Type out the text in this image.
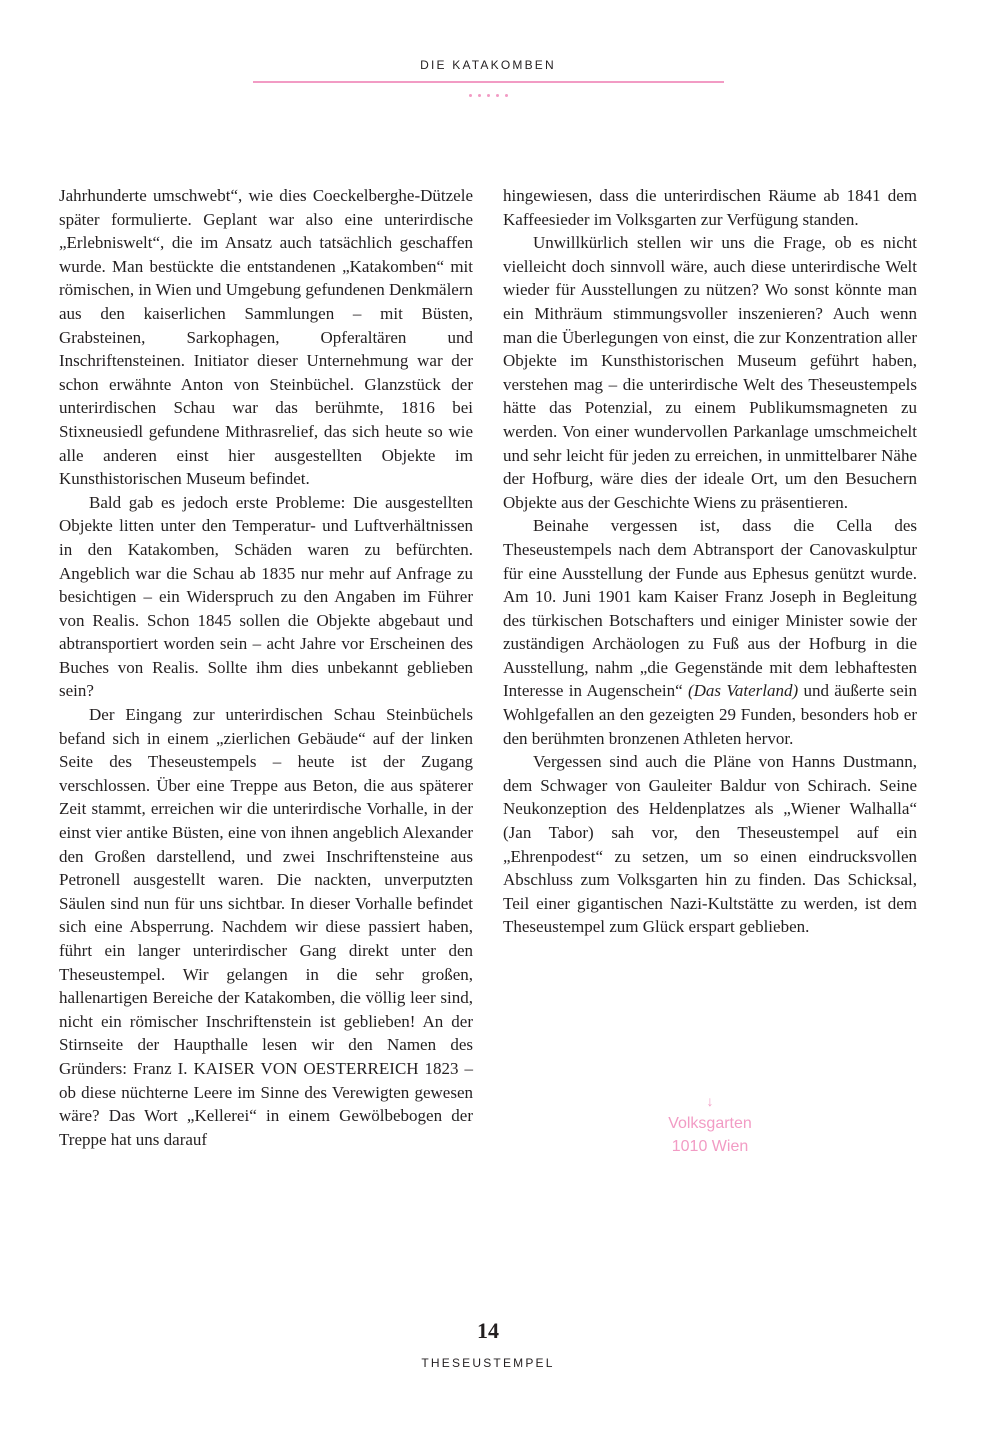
DIE KATAKOMBEN

Jahrhunderte umschwebt“, wie dies Coeckelberghe-Dützele später formulierte. Geplant war also eine unterirdische „Erlebniswelt“, die im Ansatz auch tatsächlich geschaffen wurde. Man bestückte die entstandenen „Katakomben“ mit römischen, in Wien und Umgebung gefundenen Denkmälern aus den kaiserlichen Sammlungen – mit Büsten, Grabsteinen, Sarkophagen, Opferaltären und Inschriftensteinen. Initiator dieser Unternehmung war der schon erwähnte Anton von Steinbüchel. Glanzstück der unterirdischen Schau war das berühmte, 1816 bei Stixneusiedl gefundene Mithrasrelief, das sich heute so wie alle anderen einst hier ausgestellten Objekte im Kunsthistorischen Museum befindet.

Bald gab es jedoch erste Probleme: Die ausgestellten Objekte litten unter den Temperatur- und Luftverhältnissen in den Katakomben, Schäden waren zu befürchten. Angeblich war die Schau ab 1835 nur mehr auf Anfrage zu besichtigen – ein Widerspruch zu den Angaben im Führer von Realis. Schon 1845 sollen die Objekte abgebaut und abtransportiert worden sein – acht Jahre vor Erscheinen des Buches von Realis. Sollte ihm dies unbekannt geblieben sein?

Der Eingang zur unterirdischen Schau Steinbüchels befand sich in einem „zierlichen Gebäude“ auf der linken Seite des Theseustempels – heute ist der Zugang verschlossen. Über eine Treppe aus Beton, die aus späterer Zeit stammt, erreichen wir die unterirdische Vorhalle, in der einst vier antike Büsten, eine von ihnen angeblich Alexander den Großen darstellend, und zwei Inschriftensteine aus Petronell ausgestellt waren. Die nackten, unverputzten Säulen sind nun für uns sichtbar. In dieser Vorhalle befindet sich eine Absperrung. Nachdem wir diese passiert haben, führt ein langer unterirdischer Gang direkt unter den Theseustempel. Wir gelangen in die sehr großen, hallenartigen Bereiche der Katakomben, die völlig leer sind, nicht ein römischer Inschriftenstein ist geblieben! An der Stirnseite der Haupthalle lesen wir den Namen des Gründers: Franz I. KAISER VON OESTERREICH 1823 – ob diese nüchterne Leere im Sinne des Verewigten gewesen wäre? Das Wort „Kellerei“ in einem Gewölbebogen der Treppe hat uns darauf

hingewiesen, dass die unterirdischen Räume ab 1841 dem Kaffeesieder im Volksgarten zur Verfügung standen.

Unwillkürlich stellen wir uns die Frage, ob es nicht vielleicht doch sinnvoll wäre, auch diese unterirdische Welt wieder für Ausstellungen zu nützen? Wo sonst könnte man ein Mithräum stimmungsvoller inszenieren? Auch wenn man die Überlegungen von einst, die zur Konzentration aller Objekte im Kunsthistorischen Museum geführt haben, verstehen mag – die unterirdische Welt des Theseustempels hätte das Potenzial, zu einem Publikumsmagneten zu werden. Von einer wundervollen Parkanlage umschmeichelt und sehr leicht für jeden zu erreichen, in unmittelbarer Nähe der Hofburg, wäre dies der ideale Ort, um den Besuchern Objekte aus der Geschichte Wiens zu präsentieren.

Beinahe vergessen ist, dass die Cella des Theseustempels nach dem Abtransport der Canovaskulptur für eine Ausstellung der Funde aus Ephesus genützt wurde. Am 10. Juni 1901 kam Kaiser Franz Joseph in Begleitung des türkischen Botschafters und einiger Minister sowie der zuständigen Archäologen zu Fuß aus der Hofburg in die Ausstellung, nahm „die Gegenstände mit dem lebhaftesten Interesse in Augenschein“ (Das Vaterland) und äußerte sein Wohlgefallen an den gezeigten 29 Funden, besonders hob er den berühmten bronzenen Athleten hervor.

Vergessen sind auch die Pläne von Hanns Dustmann, dem Schwager von Gauleiter Baldur von Schirach. Seine Neukonzeption des Heldenplatzes als „Wiener Walhalla“ (Jan Tabor) sah vor, den Theseustempel auf ein „Ehrenpodest“ zu setzen, um so einen eindrucksvollen Abschluss zum Volksgarten hin zu finden. Das Schicksal, Teil einer gigantischen Nazi-Kultstätte zu werden, ist dem Theseustempel zum Glück erspart geblieben.

↓
Volksgarten
1010 Wien
14
THESEUSTEMPEL
